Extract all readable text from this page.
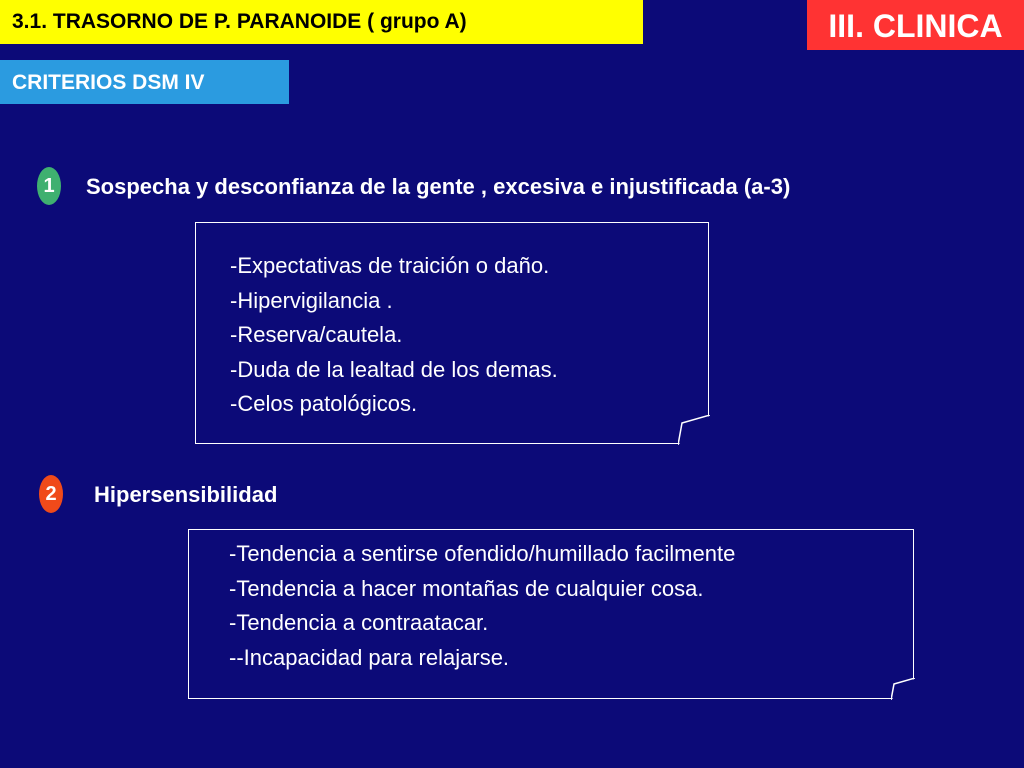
3.1. TRASORNO DE P. PARANOIDE ( grupo A)	III. CLINICA
CRITERIOS DSM IV
1 Sospecha y desconfianza de la gente , excesiva e injustificada (a-3)
-Expectativas de traición o daño.
-Hipervigilancia .
-Reserva/cautela.
-Duda de la lealtad de los demas.
-Celos patológicos.
2 Hipersensibilidad
-Tendencia a sentirse ofendido/humillado facilmente
-Tendencia a hacer montañas de cualquier cosa.
-Tendencia a contraatacar.
--Incapacidad para relajarse.
